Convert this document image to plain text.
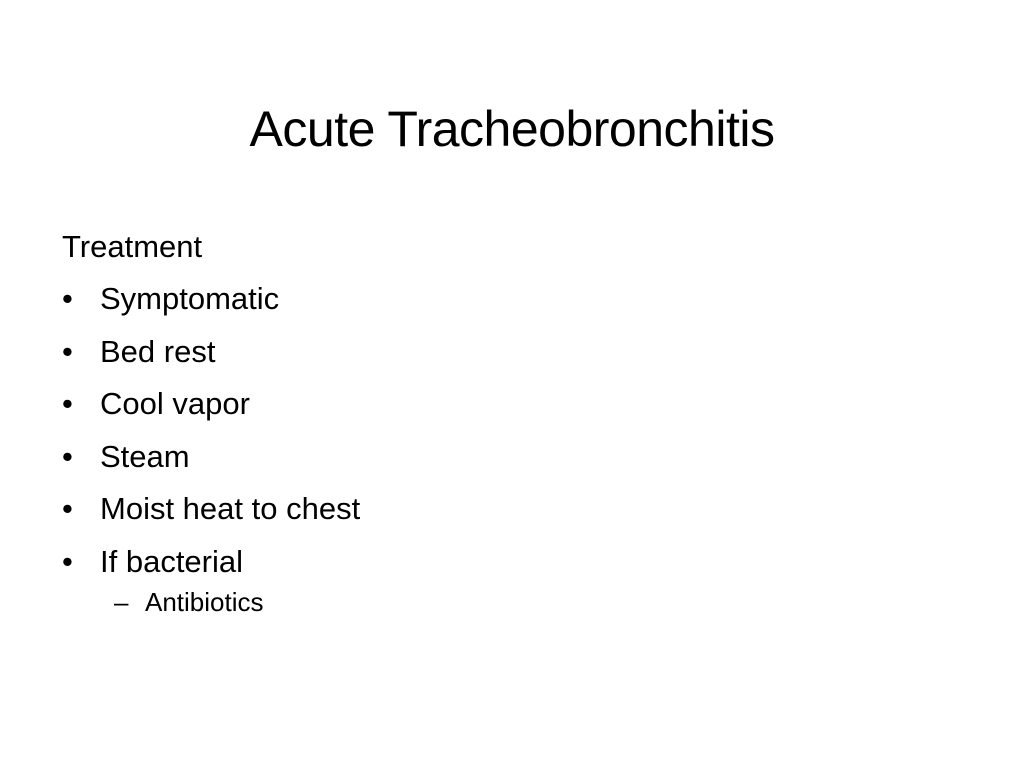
Acute Tracheobronchitis
Treatment
• Symptomatic
• Bed rest
• Cool vapor
• Steam
• Moist heat to chest
• If bacterial
– Antibiotics
